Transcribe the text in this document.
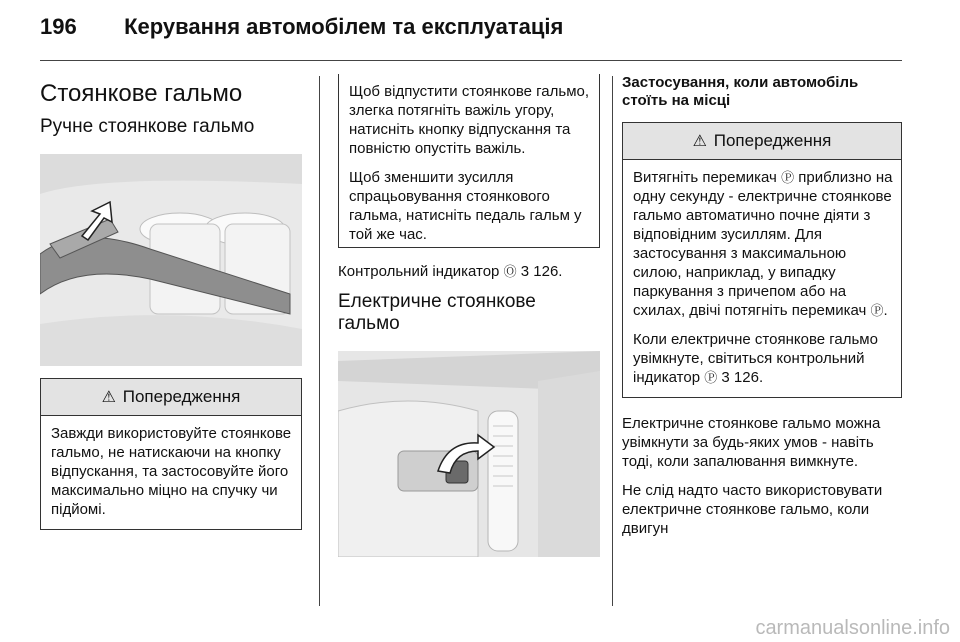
196 Керування автомобілем та експлуатація
Стоянкове гальмо
Ручне стоянкове гальмо
⚠ Попередження
Завжди використовуйте стоянкове гальмо, не натискаючи на кнопку відпускання, та застосовуйте його максимально міцно на спучку чи підйомі.
Щоб відпустити стоянкове гальмо, злегка потягніть важіль угору, натисніть кнопку відпускання та повністю опустіть важіль.
Щоб зменшити зусилля спрацьовування стоянкового гальма, натисніть педаль гальм у той же час.
Контрольний індикатор Ⓞ 3 126.
Електричне стоянкове гальмо
Застосування, коли автомобіль стоїть на місці
⚠ Попередження
Витягніть перемикач Ⓟ приблизно на одну секунду - електричне стоянкове гальмо автоматично почне діяти з відповідним зусиллям. Для застосування з максимальною силою, наприклад, у випадку паркування з причепом або на схилах, двічі потягніть перемикач Ⓟ.
Коли електричне стоянкове гальмо увімкнуте, світиться контрольний індикатор Ⓟ 3 126.
Електричне стоянкове гальмо можна увімкнути за будь-яких умов - навіть тоді, коли запалювання вимкнуте.
Не слід надто часто використовувати електричне стоянкове гальмо, коли двигун
carmanualsonline.info
